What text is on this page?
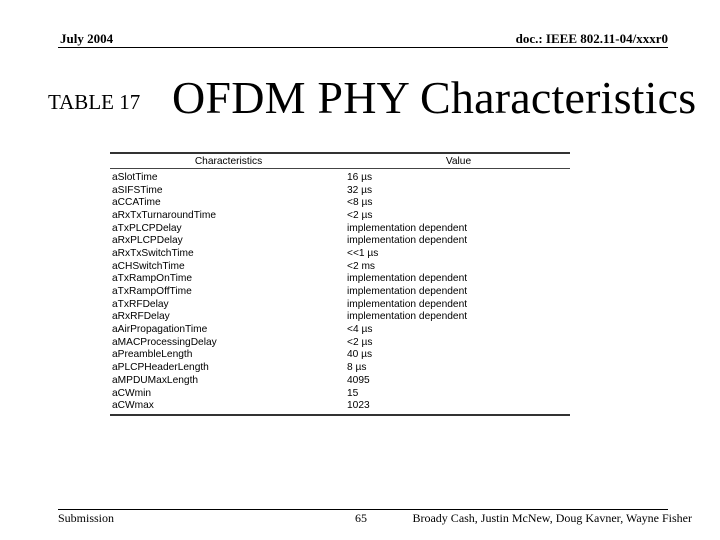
July 2004	doc.: IEEE 802.11-04/xxxr0
TABLE 17 OFDM PHY Characteristics
Characteristics	Value
aSlotTime	16 µs
aSIFSTime	32 µs
aCCATime	<8 µs
aRxTxTurnaroundTime	<2 µs
aTxPLCPDelay	implementation dependent
aRxPLCPDelay	implementation dependent
aRxTxSwitchTime	<<1 µs
aCHSwitchTime	<2 ms
aTxRampOnTime	implementation dependent
aTxRampOffTime	implementation dependent
aTxRFDelay	implementation dependent
aRxRFDelay	implementation dependent
aAirPropagationTime	<4 µs
aMACProcessingDelay	<2 µs
aPreambleLength	40 µs
aPLCPHeaderLength	8 µs
aMPDUMaxLength	4095
aCWmin	15
aCWmax	1023
Submission	65	Broady Cash, Justin McNew, Doug Kavner, Wayne Fisher
